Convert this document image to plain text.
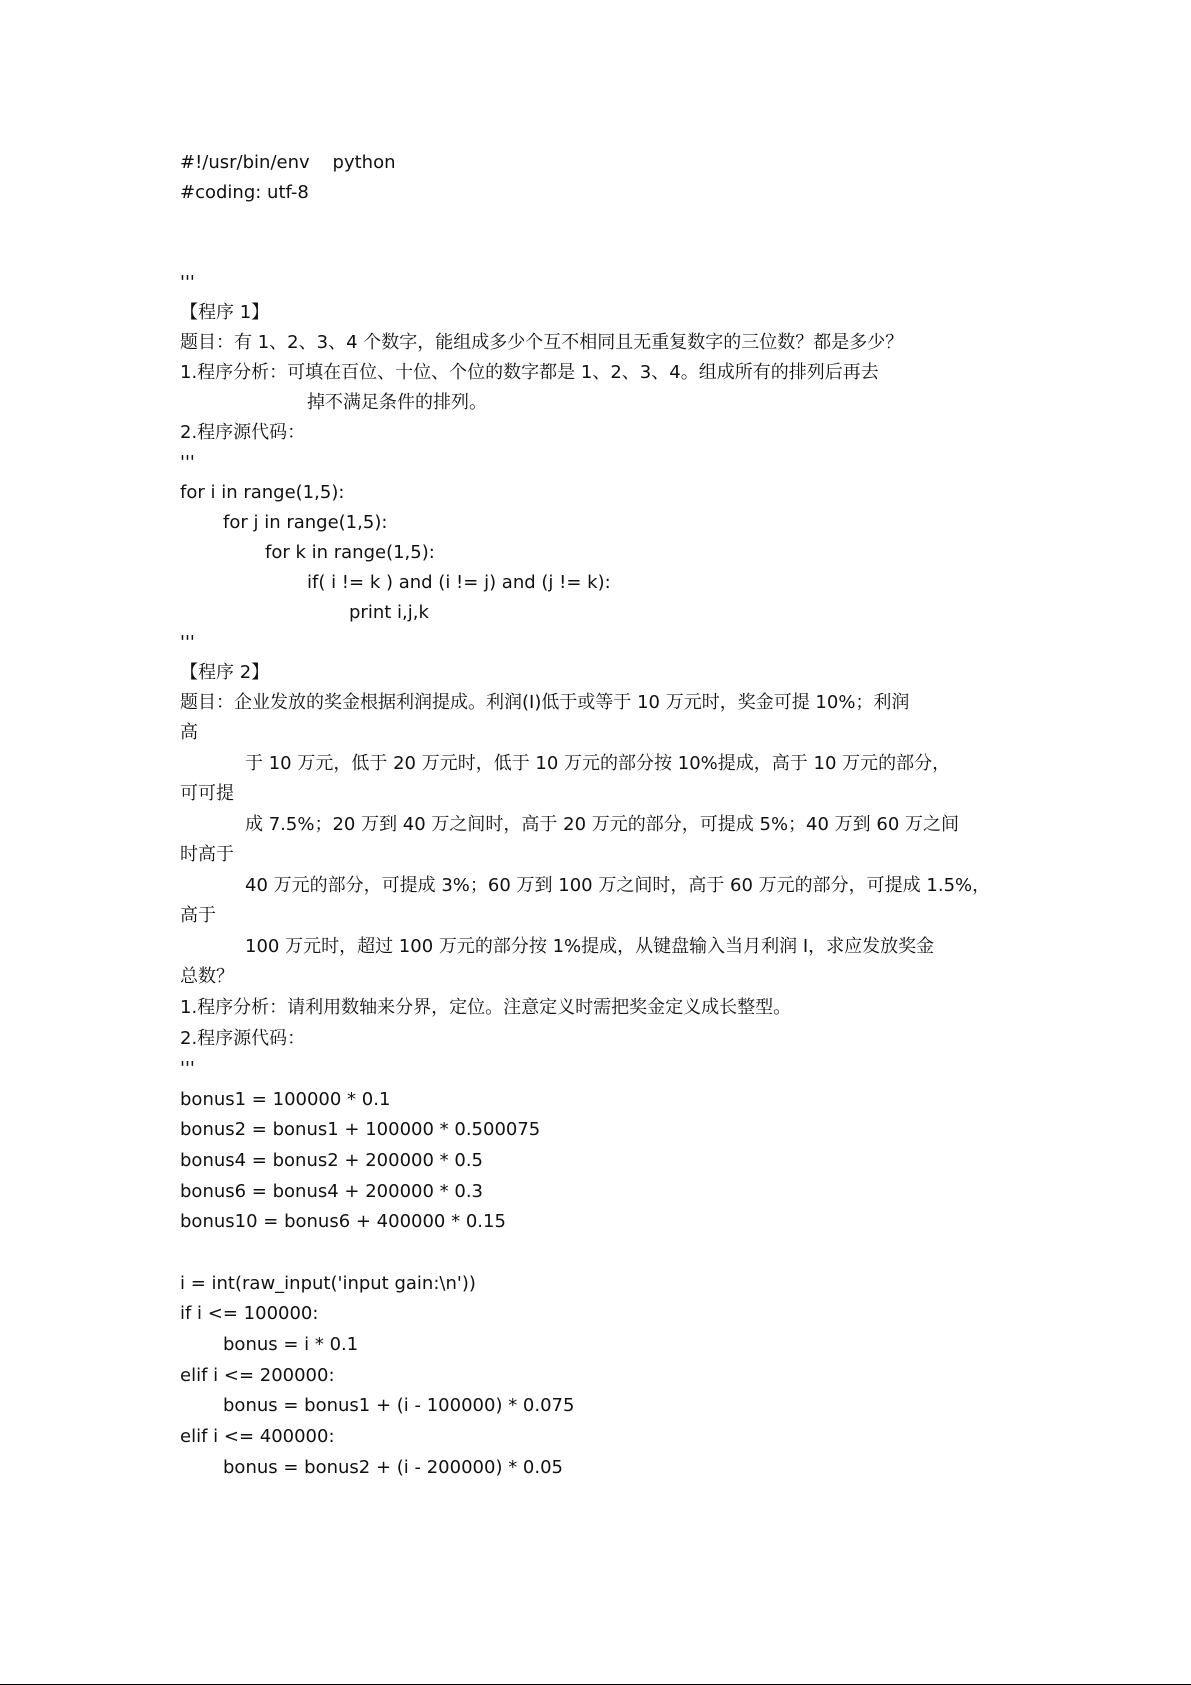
#!/usr/bin/env    python
#coding: utf-8
'''
【程序 1】
题目：有 1、2、3、4 个数字，能组成多少个互不相同且无重复数字的三位数？都是多少？
1.程序分析：可填在百位、十位、个位的数字都是 1、2、3、4。组成所有的排列后再去
掉不满足条件的排列。
2.程序源代码：
'''
for i in range(1,5):
for j in range(1,5):
for k in range(1,5):
if( i != k ) and (i != j) and (j != k):
print i,j,k
'''
【程序 2】
题目：企业发放的奖金根据利润提成。利润(I)低于或等于 10 万元时，奖金可提 10%；利润
高
于 10 万元，低于 20 万元时，低于 10 万元的部分按 10%提成，高于 10 万元的部分，
可可提
成 7.5%；20 万到 40 万之间时，高于 20 万元的部分，可提成 5%；40 万到 60 万之间
时高于
40 万元的部分，可提成 3%；60 万到 100 万之间时，高于 60 万元的部分，可提成 1.5%，
高于
100 万元时，超过 100 万元的部分按 1%提成，从键盘输入当月利润 I，求应发放奖金
总数？
1.程序分析：请利用数轴来分界，定位。注意定义时需把奖金定义成长整型。
2.程序源代码：
'''
bonus1 = 100000 * 0.1
bonus2 = bonus1 + 100000 * 0.500075
bonus4 = bonus2 + 200000 * 0.5
bonus6 = bonus4 + 200000 * 0.3
bonus10 = bonus6 + 400000 * 0.15
i = int(raw_input('input gain:\n'))
if i <= 100000:
bonus = i * 0.1
elif i <= 200000:
bonus = bonus1 + (i - 100000) * 0.075
elif i <= 400000:
bonus = bonus2 + (i - 200000) * 0.05
